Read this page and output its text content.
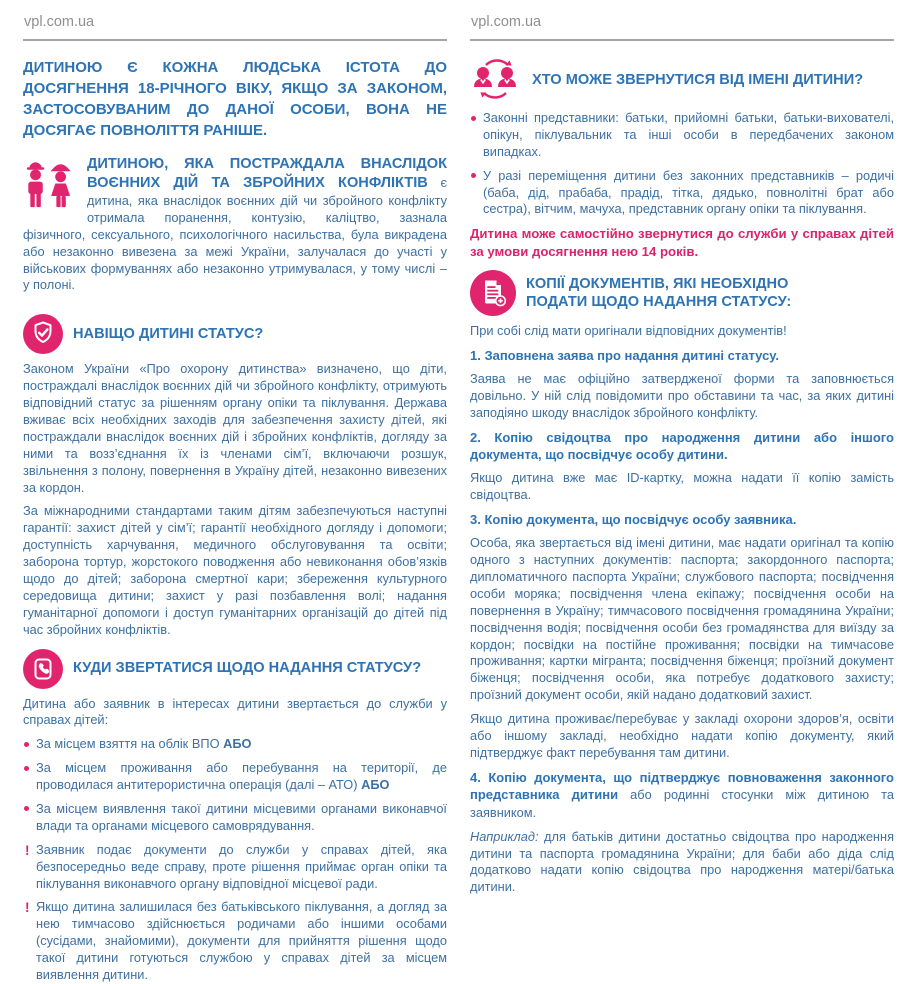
vpl.com.ua

ДИТИНОЮ Є КОЖНА ЛЮДСЬКА ІСТОТА ДО ДОСЯГНЕННЯ 18-РІЧНОГО ВІКУ, ЯКЩО ЗА ЗАКОНОМ, ЗАСТОСОВУВАНИМ ДО ДАНОЇ ОСОБИ, ВОНА НЕ ДОСЯГАЄ ПОВНОЛІТТЯ РАНІШЕ.

ДИТИНОЮ, ЯКА ПОСТРАЖДАЛА ВНАСЛІДОК ВОЄННИХ ДІЙ ТА ЗБРОЙНИХ КОНФЛІКТІВ є дитина, яка внаслідок воєнних дій чи збройного конфлікту отримала поранення, контузію, каліцтво, зазнала фізичного, сексуального, психологічного насильства, була викрадена або незаконно вивезена за межі України, залучалася до участі у військових формуваннях або незаконно утримувалася, у тому числі – у полоні.

НАВІЩО ДИТИНІ СТАТУС?

Законом України «Про охорону дитинства» визначено, що діти, постраждалі внаслідок воєнних дій чи збройного конфлікту, отримують відповідний статус за рішенням органу опіки та піклування. Держава вживає всіх необхідних заходів для забезпечення захисту дітей, які постраждали внаслідок воєнних дій і збройних конфліктів, догляду за ними та возз’єднання їх із членами сім’ї, включаючи розшук, звільнення з полону, повернення в Україну дітей, незаконно вивезених за кордон.

За міжнародними стандартами таким дітям забезпечуються наступні гарантії: захист дітей у сім’ї; гарантії необхідного догляду і допомоги; доступність харчування, медичного обслуговування та освіти; заборона тортур, жорстокого поводження або невиконання обов’язків щодо до дітей; заборона смертної кари; збереження культурного середовища дитини; захист у разі позбавлення волі; надання гуманітарної допомоги і доступ гуманітарних організацій до дітей під час збройних конфліктів.

КУДИ ЗВЕРТАТИСЯ ЩОДО НАДАННЯ СТАТУСУ?

Дитина або заявник в інтересах дитини звертається до служби у справах дітей:

За місцем взяття на облік ВПО АБО

За місцем проживання або перебування на території, де проводилася антитерористична операція (далі – АТО) АБО

За місцем виявлення такої дитини місцевими органами виконавчої влади та органами місцевого самоврядування.

! Заявник подає документи до служби у справах дітей, яка безпосередньо веде справу, проте рішення приймає орган опіки та піклування виконавчого органу відповідної місцевої ради.

! Якщо дитина залишилася без батьківського піклування, а догляд за нею тимчасово здійснюється родичами або іншими особами (сусідами, знайомими), документи для прийняття рішення щодо такої дитини готуються службою у справах дітей за місцем виявлення дитини.

vpl.com.ua
ХТО МОЖЕ ЗВЕРНУТИСЯ ВІД ІМЕНІ ДИТИНИ?

Законні представники: батьки, прийомні батьки, батьки-вихователі, опікун, піклувальник та інші особи в передбачених законом випадках.

У разі переміщення дитини без законних представників – родичі (баба, дід, прабаба, прадід, тітка, дядько, повнолітні брат або сестра), вітчим, мачуха, представник органу опіки та піклування.

Дитина може самостійно звернутися до служби у справах дітей за умови досягнення нею 14 років.

КОПІЇ ДОКУМЕНТІВ, ЯКІ НЕОБХІДНО
ПОДАТИ ЩОДО НАДАННЯ СТАТУСУ:

При собі слід мати оригінали відповідних документів!

1. Заповнена заява про надання дитині статусу.

Заява не має офіційно затвердженої форми та заповнюється довільно. У ній слід повідомити про обставини та час, за яких дитині заподіяно шкоду внаслідок збройного конфлікту.

2. Копію свідоцтва про народження дитини або іншого документа, що посвідчує особу дитини.

Якщо дитина вже має ID-картку, можна надати її копію замість свідоцтва.

3. Копію документа, що посвідчує особу заявника.

Особа, яка звертається від імені дитини, має надати оригінал та копію одного з наступних документів: паспорта; закордонного паспорта; дипломатичного паспорта України; службового паспорта; посвідчення особи моряка; посвідчення члена екіпажу; посвідчення особи на повернення в Україну; тимчасового посвідчення громадянина України; посвідчення водія; посвідчення особи без громадянства для виїзду за кордон; посвідки на постійне проживання; посвідки на тимчасове проживання; картки мігранта; посвідчення біженця; проїзний документ біженця; посвідчення особи, яка потребує додаткового захисту; проїзний документ особи, якій надано додатковий захист.

Якщо дитина проживає/перебуває у закладі охорони здоров’я, освіти або іншому закладі, необхідно надати копію документу, який підтверджує факт перебування там дитини.

4. Копію документа, що підтверджує повноваження законного представника дитини або родинні стосунки між дитиною та заявником.

Наприклад: для батьків дитини достатньо свідоцтва про народження дитини та паспорта громадянина України; для баби або діда слід додатково надати копію свідоцтва про народження матері/батька дитини.
